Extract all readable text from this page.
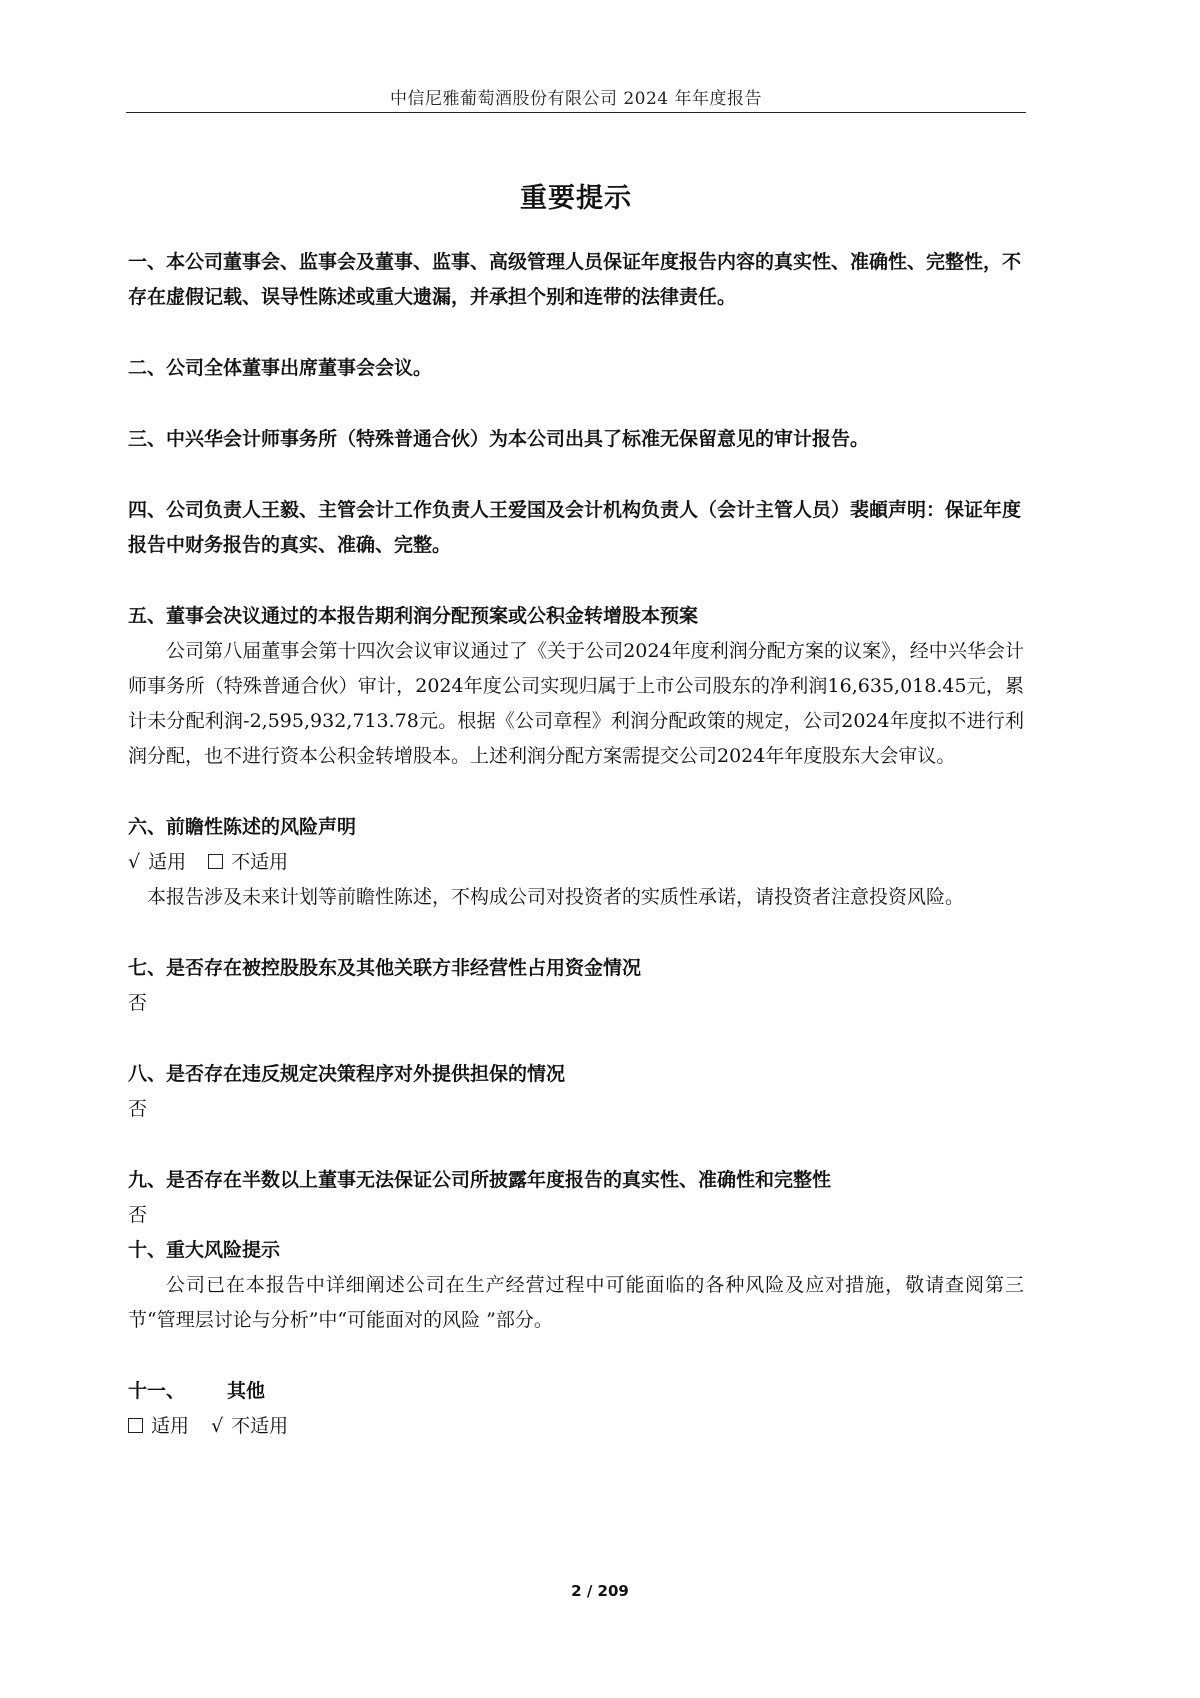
中信尼雅葡萄酒股份有限公司 2024 年年度报告
重要提示

一、本公司董事会、监事会及董事、监事、高级管理人员保证年度报告内容的真实性、准确性、完整性，不存在虚假记载、误导性陈述或重大遗漏，并承担个别和连带的法律责任。

二、公司全体董事出席董事会会议。

三、中兴华会计师事务所（特殊普通合伙）为本公司出具了标准无保留意见的审计报告。

四、公司负责人王毅、主管会计工作负责人王爱国及会计机构负责人（会计主管人员）裴頔声明：保证年度报告中财务报告的真实、准确、完整。

五、董事会决议通过的本报告期利润分配预案或公积金转增股本预案

公司第八届董事会第十四次会议审议通过了《关于公司2024年度利润分配方案的议案》，经中兴华会计师事务所（特殊普通合伙）审计，2024年度公司实现归属于上市公司股东的净利润16,635,018.45元，累计未分配利润-2,595,932,713.78元。根据《公司章程》利润分配政策的规定，公司2024年度拟不进行利润分配，也不进行资本公积金转增股本。上述利润分配方案需提交公司2024年年度股东大会审议。

六、前瞻性陈述的风险声明

√ 适用 不适用

本报告涉及未来计划等前瞻性陈述，不构成公司对投资者的实质性承诺，请投资者注意投资风险。

七、是否存在被控股股东及其他关联方非经营性占用资金情况

否

八、是否存在违反规定决策程序对外提供担保的情况

否

九、是否存在半数以上董事无法保证公司所披露年度报告的真实性、准确性和完整性

否

十、重大风险提示

公司已在本报告中详细阐述公司在生产经营过程中可能面临的各种风险及应对措施，敬请查阅第三节“管理层讨论与分析”中“可能面对的风险 ”部分。

十一、 其他

适用 √ 不适用

2 / 209
